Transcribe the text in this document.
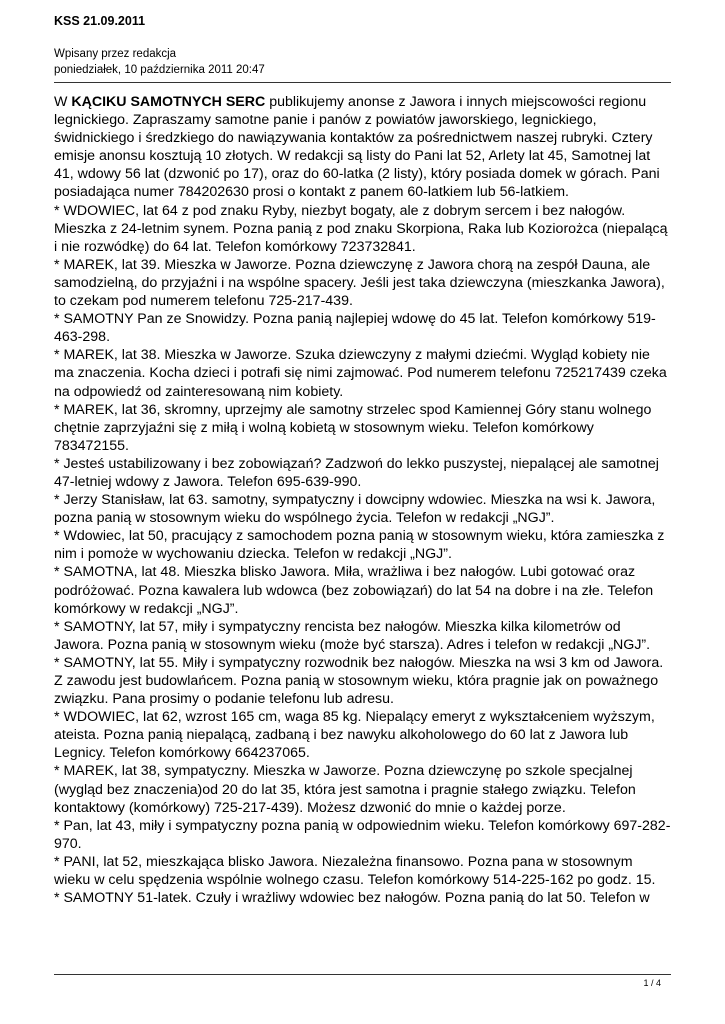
KSS 21.09.2011
Wpisany przez redakcja
poniedziałek, 10 października 2011 20:47

W KĄCIKU SAMOTNYCH SERC publikujemy anonse z Jawora i innych miejscowości regionu legnickiego. Zapraszamy samotne panie i panów z powiatów jaworskiego, legnickiego, świdnickiego i średzkiego do nawiązywania kontaktów za pośrednictwem naszej rubryki. Cztery emisje anonsu kosztują 10 złotych. W redakcji są listy do Pani lat 52, Arlety lat 45, Samotnej lat 41, wdowy 56 lat (dzwonić po 17), oraz do 60-latka (2 listy), który posiada domek w górach. Pani posiadająca numer 784202630 prosi o kontakt z panem 60-latkiem lub 56-latkiem.

* WDOWIEC, lat 64 z pod znaku Ryby, niezbyt bogaty, ale z dobrym sercem i bez nałogów. Mieszka z 24-letnim synem. Pozna panią z pod znaku Skorpiona, Raka lub Koziorożca (niepalącą i nie rozwódkę) do 64 lat. Telefon komórkowy 723732841.

* MAREK, lat 39. Mieszka w Jaworze. Pozna dziewczynę z Jawora chorą na zespół Dauna, ale samodzielną, do przyjaźni i na wspólne spacery. Jeśli jest taka dziewczyna (mieszkanka Jawora), to czekam pod numerem telefonu 725-217-439.

* SAMOTNY Pan ze Snowidzy. Pozna panią najlepiej wdowę do 45 lat. Telefon komórkowy 519-463-298.

* MAREK, lat 38. Mieszka w Jaworze. Szuka dziewczyny z małymi dziećmi. Wygląd kobiety nie ma znaczenia. Kocha dzieci i potrafi się nimi zajmować. Pod numerem telefonu 725217439 czeka na odpowiedź od zainteresowaną nim kobiety.

* MAREK, lat 36, skromny, uprzejmy ale samotny strzelec spod Kamiennej Góry stanu wolnego chętnie zaprzyjaźni się z miłą i wolną kobietą w stosownym wieku. Telefon komórkowy 783472155.

* Jesteś ustabilizowany i bez zobowiązań? Zadzwoń do lekko puszystej, niepalącej ale samotnej 47-letniej wdowy z Jawora. Telefon 695-639-990.

* Jerzy Stanisław, lat 63. samotny, sympatyczny i dowcipny wdowiec. Mieszka na wsi k. Jawora, pozna panią w stosownym wieku do wspólnego życia. Telefon w redakcji „NGJ”.

* Wdowiec, lat 50, pracujący z samochodem pozna panią w stosownym wieku, która zamieszka z nim i pomoże w wychowaniu dziecka. Telefon w redakcji „NGJ”.

* SAMOTNA, lat 48. Mieszka blisko Jawora. Miła, wrażliwa i bez nałogów. Lubi gotować oraz podróżować. Pozna kawalera lub wdowca (bez zobowiązań) do lat 54 na dobre i na złe. Telefon komórkowy w redakcji „NGJ”.

* SAMOTNY, lat 57, miły i sympatyczny rencista bez nałogów. Mieszka kilka kilometrów od Jawora. Pozna panią w stosownym wieku (może być starsza). Adres i telefon w redakcji „NGJ”.

* SAMOTNY, lat 55. Miły i sympatyczny rozwodnik bez nałogów. Mieszka na wsi 3 km od Jawora. Z zawodu jest budowlańcem. Pozna panią w stosownym wieku, która pragnie jak on poważnego związku. Pana prosimy o podanie telefonu lub adresu.

* WDOWIEC, lat 62, wzrost 165 cm, waga 85 kg. Niepalący emeryt z wykształceniem wyższym, ateista. Pozna panią niepalącą, zadbaną i bez nawyku alkoholowego do 60 lat z Jawora lub Legnicy. Telefon komórkowy 664237065.

* MAREK, lat 38, sympatyczny. Mieszka w Jaworze. Pozna dziewczynę po szkole specjalnej (wygląd bez znaczenia)od 20 do lat 35, która jest samotna i pragnie stałego związku. Telefon kontaktowy (komórkowy) 725-217-439). Możesz dzwonić do mnie o każdej porze.

* Pan, lat 43, miły i sympatyczny pozna panią w odpowiednim wieku. Telefon komórkowy 697-282-970.

* PANI, lat 52, mieszkająca blisko Jawora. Niezależna finansowo. Pozna pana w stosownym wieku w celu spędzenia wspólnie wolnego czasu. Telefon komórkowy 514-225-162 po godz. 15.

* SAMOTNY 51-latek. Czuły i wrażliwy wdowiec bez nałogów. Pozna panią do lat 50. Telefon w

1 / 4
